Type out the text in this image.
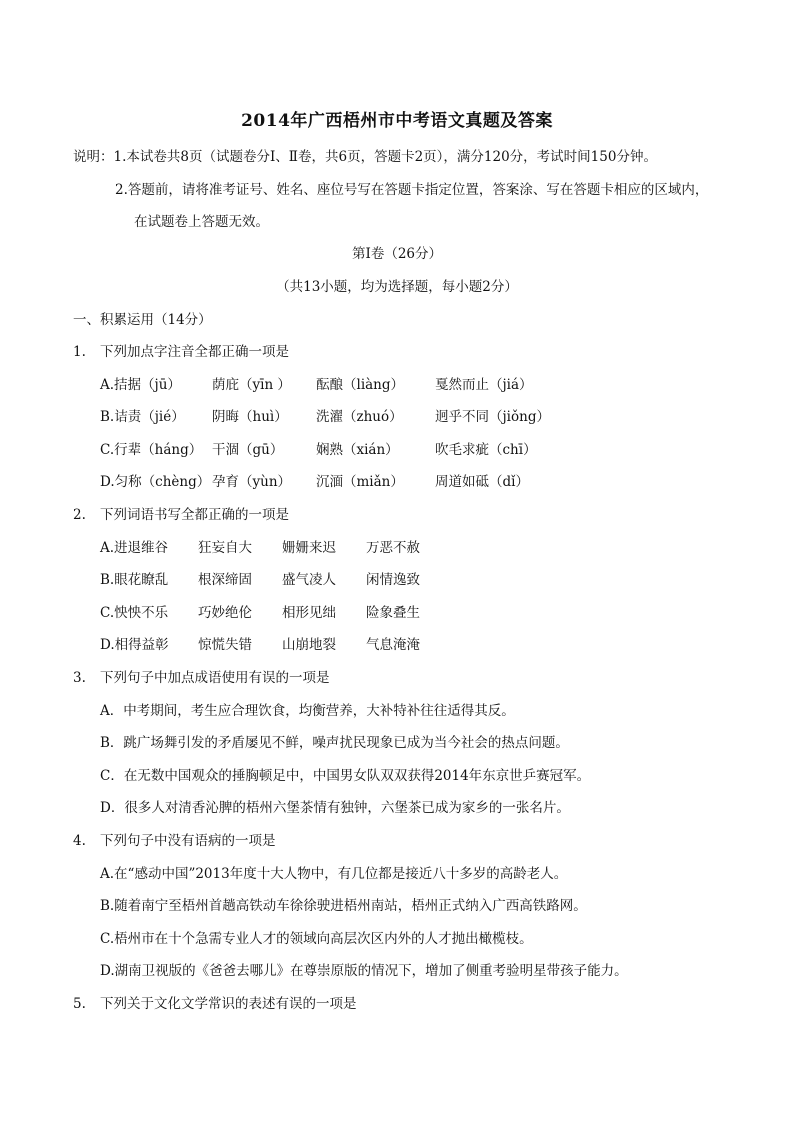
2014年广西梧州市中考语文真题及答案
说明：1.本试卷共8页（试题卷分Ⅰ、Ⅱ卷，共6页，答题卡2页），满分120分，考试时间150分钟。
2.答题前，请将准考证号、姓名、座位号写在答题卡指定位置，答案涂、写在答题卡相应的区域内，
在试题卷上答题无效。
第Ⅰ卷（26分）
（共13小题，均为选择题，每小题2分）
一、积累运用（14分）
1. 下列加点字注音全都正确一项是
A.拮据（jū） 荫庇（yīn ） 酝酿（liàng） 戛然而止（jiá）
B.诘责（jié） 阴晦（huì） 洗濯（zhuó） 迥乎不同（jiǒng）
C.行辈（háng） 干涸（gū） 娴熟（xián）	吹毛求疵（chī）
D.匀称（chèng） 孕育（yùn） 沉湎（miǎn） 周道如砥（dǐ）
2. 下列词语书写全都正确的一项是
A.进退维谷 狂妄自大 姗姗来迟 万恶不赦
B.眼花瞭乱 根深缔固 盛气凌人 闲情逸致
C.怏怏不乐 巧妙绝伦 相形见绌 险象叠生
D.相得益彰 惊慌失错 山崩地裂 气息淹淹
3. 下列句子中加点成语使用有误的一项是
A．中考期间，考生应合理饮食，均衡营养，大补特补往往适得其反。
B．跳广场舞引发的矛盾屡见不鲜，噪声扰民现象已成为当今社会的热点问题。
C．在无数中国观众的捶胸顿足中，中国男女队双双获得2014年东京世乒赛冠军。
D．很多人对清香沁脾的梧州六堡茶情有独钟，六堡茶已成为家乡的一张名片。
4. 下列句子中没有语病的一项是
A.在“感动中国”2013年度十大人物中，有几位都是接近八十多岁的高龄老人。
B.随着南宁至梧州首趟高铁动车徐徐驶进梧州南站，梧州正式纳入广西高铁路网。
C.梧州市在十个急需专业人才的领域向高层次区内外的人才抛出橄榄枝。
D.湖南卫视版的《爸爸去哪儿》在尊崇原版的情况下，增加了侧重考验明星带孩子能力。
5. 下列关于文化文学常识的表述有误的一项是
